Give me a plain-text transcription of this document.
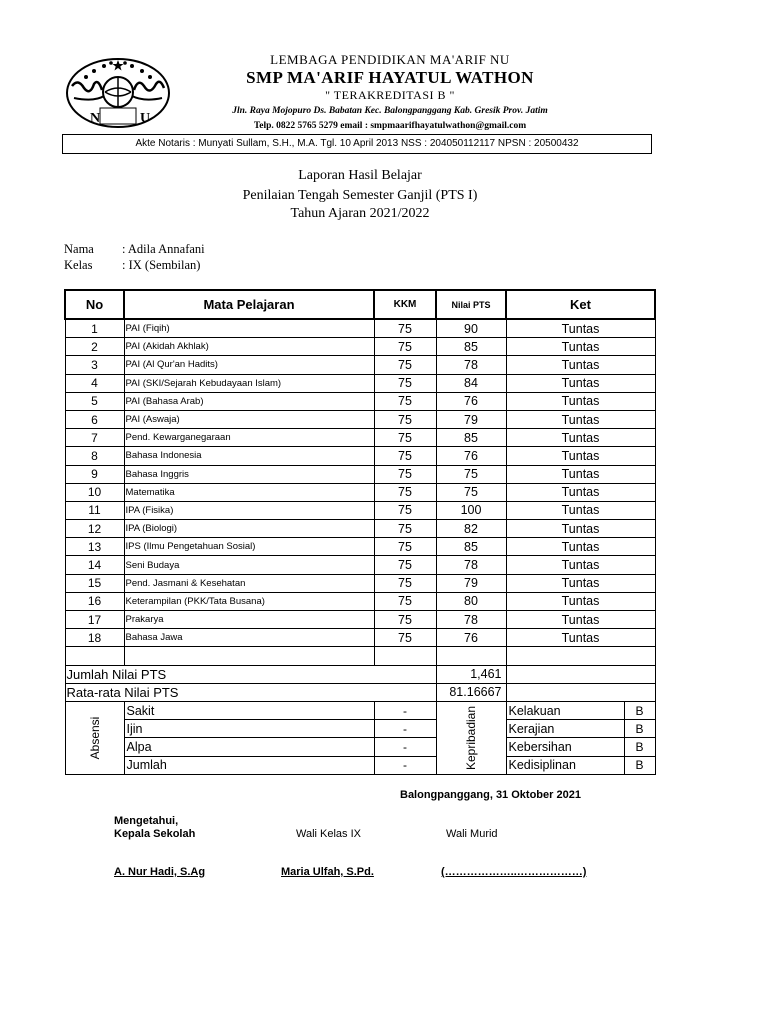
N	U
LEMBAGA PENDIDIKAN MA'ARIF NU
SMP MA'ARIF HAYATUL WATHON
" TERAKREDITASI B "
Jln. Raya Mojopuro Ds. Babatan Kec. Balongpanggang Kab. Gresik Prov. Jatim
Telp. 0822 5765 5279 email : smpmaarifhayatulwathon@gmail.com
Akte Notaris : Munyati Sullam, S.H., M.A. Tgl. 10 April 2013 NSS : 204050112117 NPSN : 20500432
Laporan Hasil Belajar
Penilaian Tengah Semester Ganjil (PTS I)
Tahun Ajaran 2021/2022
Nama : Adila Annafani
Kelas : IX (Sembilan)
No	Mata Pelajaran	KKM	Nilai PTS	Ket	
1	PAI (Fiqih)	75	90	Tuntas	
2	PAI (Akidah Akhlak)	75	85	Tuntas	
3	PAI (Al Qur'an Hadits)	75	78	Tuntas	
4	PAI (SKI/Sejarah Kebudayaan Islam)	75	84	Tuntas	
5	PAI (Bahasa Arab)	75	76	Tuntas	
6	PAI (Aswaja)	75	79	Tuntas	
7	Pend. Kewarganegaraan	75	85	Tuntas	
8	Bahasa Indonesia	75	76	Tuntas	
9	Bahasa Inggris	75	75	Tuntas	
10	Matematika	75	75	Tuntas	
11	IPA (Fisika)	75	100	Tuntas	
12	IPA (Biologi)	75	82	Tuntas	
13	IPS (Ilmu Pengetahuan Sosial)	75	85	Tuntas	
14	Seni Budaya	75	78	Tuntas	
15	Pend. Jasmani & Kesehatan	75	79	Tuntas	
16	Keterampilan (PKK/Tata Busana)	75	80	Tuntas	
17	Prakarya	75	78	Tuntas	
18	Bahasa Jawa	75	76	Tuntas	

Jumlah Nilai PTS			1,461		
Rata-rata Nilai PTS			81.16667		

Absensi	Sakit	-	Kepribadian	Kelakuan	B
	Ijin	-		Kerajian	B
	Alpa	-		Kebersihan	B
	Jumlah	-		Kedisiplinan	B
Balongpanggang, 31 Oktober 2021
Mengetahui,
Kepala Sekolah	Wali Kelas IX	Wali Murid
A. Nur Hadi, S.Ag	Maria Ulfah, S.Pd.	(………………..………………)
